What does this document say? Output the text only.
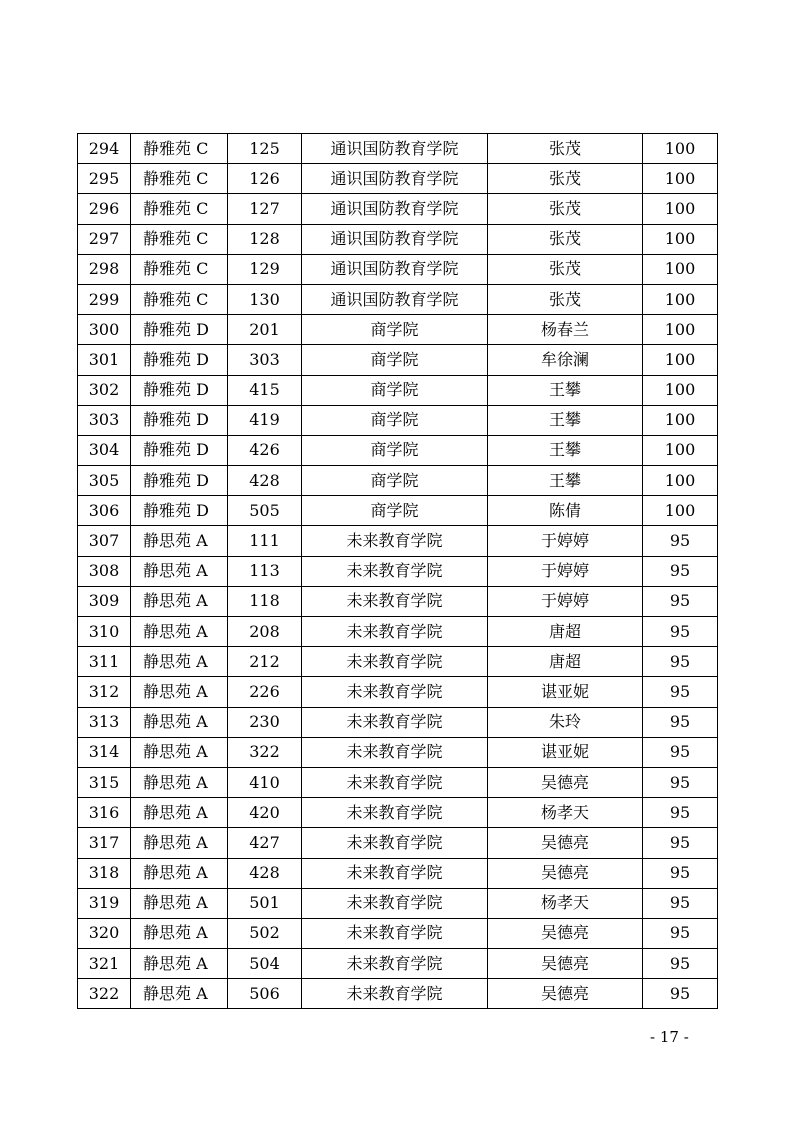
294	静雅苑 C	125	通识国防教育学院	张茂	100
295	静雅苑 C	126	通识国防教育学院	张茂	100
296	静雅苑 C	127	通识国防教育学院	张茂	100
297	静雅苑 C	128	通识国防教育学院	张茂	100
298	静雅苑 C	129	通识国防教育学院	张茂	100
299	静雅苑 C	130	通识国防教育学院	张茂	100
300	静雅苑 D	201	商学院	杨春兰	100
301	静雅苑 D	303	商学院	牟徐澜	100
302	静雅苑 D	415	商学院	王攀	100
303	静雅苑 D	419	商学院	王攀	100
304	静雅苑 D	426	商学院	王攀	100
305	静雅苑 D	428	商学院	王攀	100
306	静雅苑 D	505	商学院	陈倩	100
307	静思苑 A	111	未来教育学院	于婷婷	95
308	静思苑 A	113	未来教育学院	于婷婷	95
309	静思苑 A	118	未来教育学院	于婷婷	95
310	静思苑 A	208	未来教育学院	唐超	95
311	静思苑 A	212	未来教育学院	唐超	95
312	静思苑 A	226	未来教育学院	谌亚妮	95
313	静思苑 A	230	未来教育学院	朱玲	95
314	静思苑 A	322	未来教育学院	谌亚妮	95
315	静思苑 A	410	未来教育学院	吴德亮	95
316	静思苑 A	420	未来教育学院	杨孝天	95
317	静思苑 A	427	未来教育学院	吴德亮	95
318	静思苑 A	428	未来教育学院	吴德亮	95
319	静思苑 A	501	未来教育学院	杨孝天	95
320	静思苑 A	502	未来教育学院	吴德亮	95
321	静思苑 A	504	未来教育学院	吴德亮	95
322	静思苑 A	506	未来教育学院	吴德亮	95
- 17 -
